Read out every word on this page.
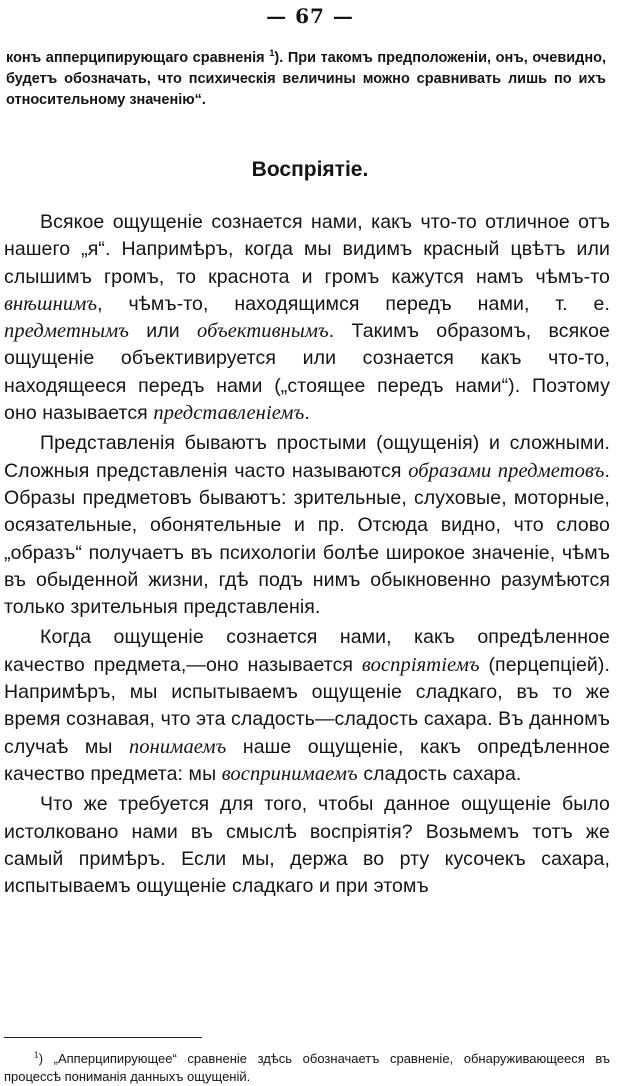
— 67 —
конъ апперципирующаго сравненія $^1$). При такомъ предположеніи, онъ, очевидно, будетъ обозначать, что психическія величины можно сравнивать лишь по ихъ относительному значенію“.
Воспріятіе.

Всякое ощущеніе сознается нами, какъ что-то отличное отъ нашего „я“. Напримѣръ, когда мы видимъ красный цвѣтъ или слышимъ громъ, то краснота и громъ кажутся намъ чѣмъ-то внѣшнимъ, чѣмъ-то, находящимся передъ нами, т. е. предметнымъ или объективнымъ. Такимъ образомъ, всякое ощущеніе объективируется или сознается какъ что-то, находящееся передъ нами („стоящее передъ нами“). Поэтому оно называется представленіемъ.

Представленія бываютъ простыми (ощущенія) и сложными. Сложныя представленія часто называются образами предметовъ. Образы предметовъ бываютъ: зрительные, слуховые, моторные, осязательные, обонятельные и пр. Отсюда видно, что слово „образъ“ получаетъ въ психологіи болѣе широкое значеніе, чѣмъ въ обыденной жизни, гдѣ подъ нимъ обыкновенно разумѣются только зрительныя представленія.

Когда ощущеніе сознается нами, какъ опредѣленное качество предмета,—оно называется воспріятіемъ (перцепціей). Напримѣръ, мы испытываемъ ощущеніе сладкаго, въ то же время сознавая, что эта сладость—сладость сахара. Въ данномъ случаѣ мы понимаемъ наше ощущеніе, какъ опредѣленное качество предмета: мы воспринимаемъ сладость сахара.

Что же требуется для того, чтобы данное ощущеніе было истолковано нами въ смыслѣ воспріятія? Возьмемъ тотъ же самый примѣръ. Если мы, держа во рту кусочекъ сахара, испытываемъ ощущеніе сладкаго и при этомъ

$^1$) „Апперципирующее“ сравненіе здѣсь обозначаетъ сравненіе, обнаруживающееся въ процессѣ пониманія данныхъ ощущеній.
